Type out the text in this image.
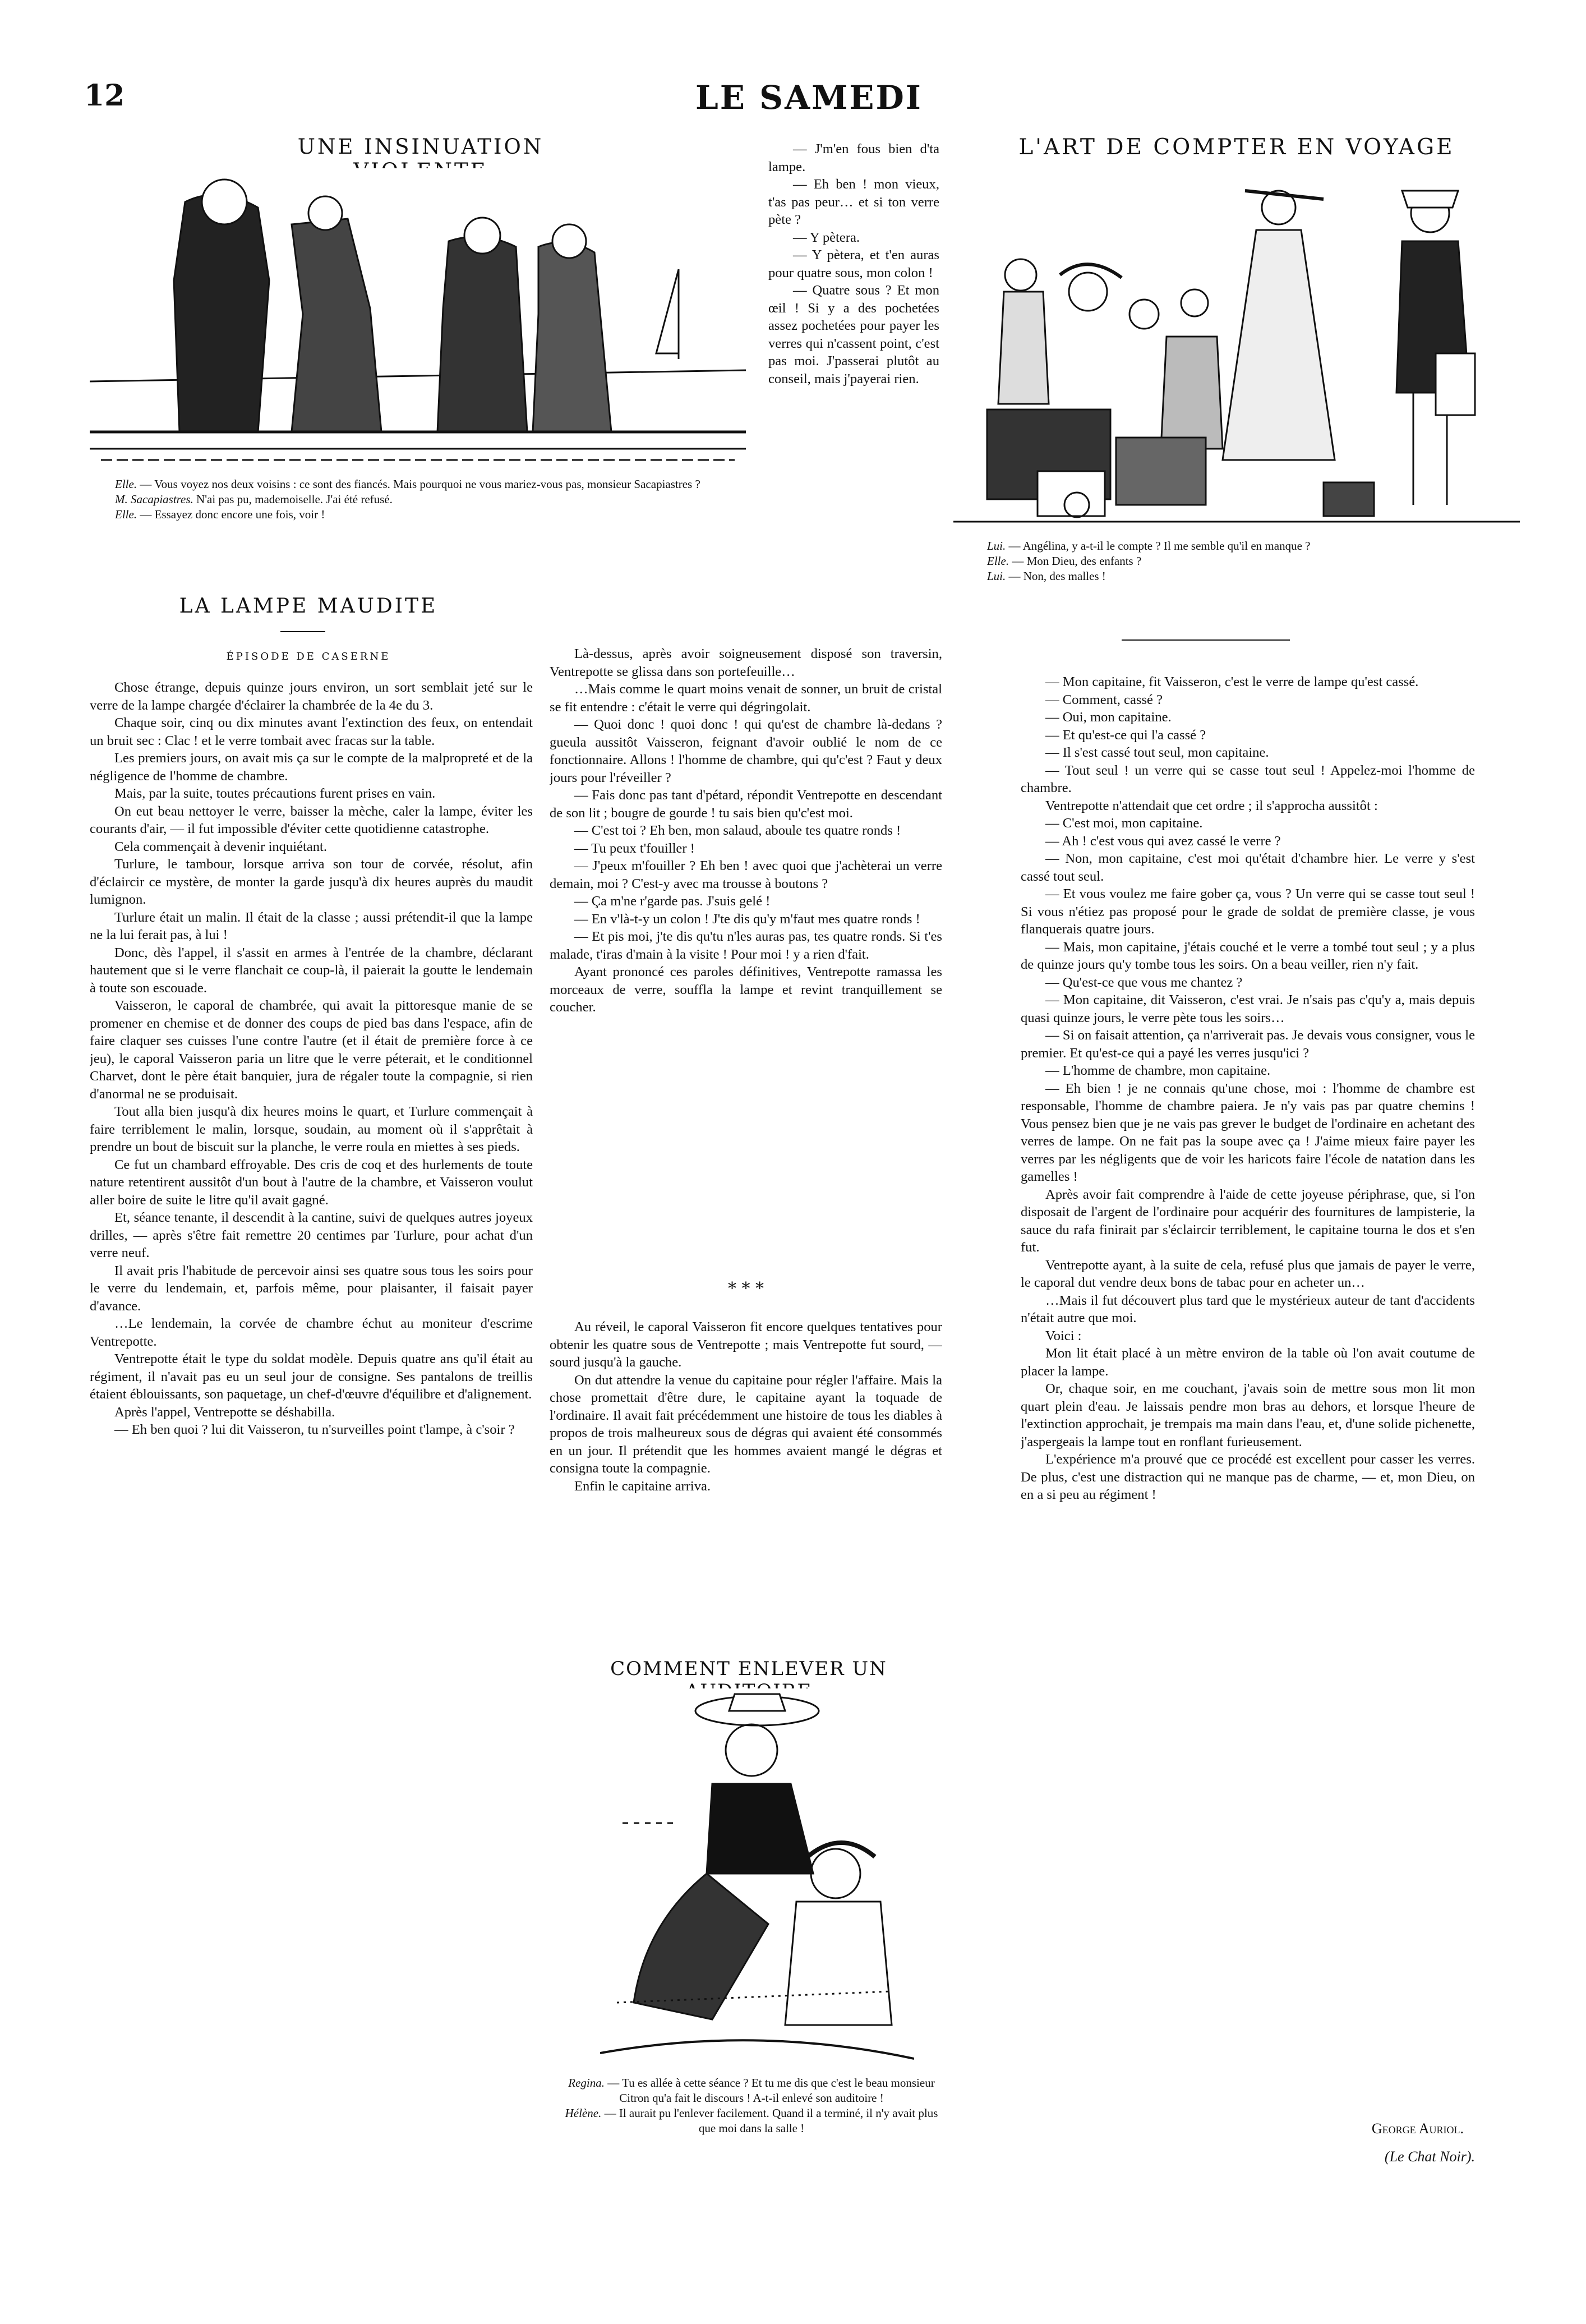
12	LE SAMEDI
UNE INSINUATION

Elle. — Vous voyez nos deux voisins : ce sont des fiancés. Mais pourquoi ne vous mariez-vous pas, monsieur Sacapiastres ?

M. Sacapiastres. N'ai pas pu, mademoiselle. J'ai été refusé.

Elle. — Essayez donc encore une fois, voir !

L'ART DE COMPTER EN VOYAGE

Lui. — Angélina, y a-t-il le compte ? Il me semble qu'il en manque ?

Elle. — Mon Dieu, des enfants ?

Lui. — Non, des malles !

LA LAMPE MAUDITE
ÉPISODE DE CASERNE

Chose étrange, depuis quinze jours environ, un sort semblait jeté sur le verre de la lampe chargée d'éclairer la chambrée de la 4e du 3.

Chaque soir, cinq ou dix minutes avant l'extinction des feux, on entendait un bruit sec : Clac ! et le verre tombait avec fracas sur la table.

Les premiers jours, on avait mis ça sur le compte de la malpropreté et de la négligence de l'homme de chambre.

Mais, par la suite, toutes précautions furent prises en vain.

On eut beau nettoyer le verre, baisser la mèche, caler la lampe, éviter les courants d'air, — il fut impossible d'éviter cette quotidienne catastrophe.

Cela commençait à devenir inquiétant.

Turlure, le tambour, lorsque arriva son tour de corvée, résolut, afin d'éclaircir ce mystère, de monter la garde jusqu'à dix heures auprès du maudit lumignon.

Turlure était un malin. Il était de la classe ; aussi prétendit-il que la lampe ne la lui ferait pas, à lui !

Donc, dès l'appel, il s'assit en armes à l'entrée de la chambre, déclarant hautement que si le verre flanchait ce coup-là, il paierait la goutte le lendemain à toute son escouade.

Vaisseron, le caporal de chambrée, qui avait la pittoresque manie de se promener en chemise et de donner des coups de pied bas dans l'espace, afin de faire claquer ses cuisses l'une contre l'autre (et il était de première force à ce jeu), le caporal Vaisseron paria un litre que le verre péterait, et le conditionnel Charvet, dont le père était banquier, jura de régaler toute la compagnie, si rien d'anormal ne se produisait.

Tout alla bien jusqu'à dix heures moins le quart, et Turlure commençait à faire terriblement le malin, lorsque, soudain, au moment où il s'apprêtait à prendre un bout de biscuit sur la planche, le verre roula en miettes à ses pieds.

Ce fut un chambard effroyable. Des cris de coq et des hurlements de toute nature retentirent aussitôt d'un bout à l'autre de la chambre, et Vaisseron voulut aller boire de suite le litre qu'il avait gagné.

Et, séance tenante, il descendit à la cantine, suivi de quelques autres joyeux drilles, — après s'être fait remettre 20 centimes par Turlure, pour achat d'un verre neuf.

Il avait pris l'habitude de percevoir ainsi ses quatre sous tous les soirs pour le verre du lendemain, et, parfois même, pour plaisanter, il faisait payer d'avance.

…Le lendemain, la corvée de chambre échut au moniteur d'escrime Ventrepotte.

Ventrepotte était le type du soldat modèle. Depuis quatre ans qu'il était au régiment, il n'avait pas eu un seul jour de consigne. Ses pantalons de treillis étaient éblouissants, son paquetage, un chef-d'œuvre d'équilibre et d'alignement.

Après l'appel, Ventrepotte se déshabilla.

— Eh ben quoi ? lui dit Vaisseron, tu n'surveilles point t'lampe, à c'soir ?

— J'm'en fous bien d'ta lampe.

— Eh ben ! mon vieux, t'as pas peur… et si ton verre pète ?

— Y pètera.

— Y pètera, et t'en auras pour quatre sous, mon colon !

— Quatre sous ? Et mon œil ! Si y a des pochetées assez pochetées pour payer les verres qui n'cassent point, c'est pas moi. J'passerai plutôt au conseil, mais j'payerai rien.

Là-dessus, après avoir soigneusement disposé son traversin, Ventrepotte se glissa dans son portefeuille…

…Mais comme le quart moins venait de sonner, un bruit de cristal se fit entendre : c'était le verre qui dégringolait.

— Quoi donc ! quoi donc ! qui qu'est de chambre là-dedans ? gueula aussitôt Vaisseron, feignant d'avoir oublié le nom de ce fonctionnaire. Allons ! l'homme de chambre, qui qu'c'est ? Faut y deux jours pour l'réveiller ?

— Fais donc pas tant d'pétard, répondit Ventrepotte en descendant de son lit ; bougre de gourde ! tu sais bien qu'c'est moi.

— C'est toi ? Eh ben, mon salaud, aboule tes quatre ronds !

— Tu peux t'fouiller !

— J'peux m'fouiller ? Eh ben ! avec quoi que j'achèterai un verre demain, moi ? C'est-y avec ma trousse à boutons ?

— Ça m'ne r'garde pas. J'suis gelé !

— En v'là-t-y un colon ! J'te dis qu'y m'faut mes quatre ronds !

— Et pis moi, j'te dis qu'tu n'les auras pas, tes quatre ronds. Si t'es malade, t'iras d'main à la visite ! Pour moi ! y a rien d'fait.

Ayant prononcé ces paroles définitives, Ventrepotte ramassa les morceaux de verre, souffla la lampe et revint tranquillement se coucher.

* * *

Au réveil, le caporal Vaisseron fit encore quelques tentatives pour obtenir les quatre sous de Ventrepotte ; mais Ventrepotte fut sourd, — sourd jusqu'à la gauche.

On dut attendre la venue du capitaine pour régler l'affaire. Mais la chose promettait d'être dure, le capitaine ayant la toquade de l'ordinaire. Il avait fait précédemment une histoire de tous les diables à propos de trois malheureux sous de dégras qui avaient été consommés en un jour. Il prétendit que les hommes avaient mangé le dégras et consigna toute la compagnie.

Enfin le capitaine arriva.

COMMENT ENLEVER UN

Regina. — Tu es allée à cette séance ? Et tu me dis que c'est le beau monsieur Citron qu'a fait le discours ! A-t-il enlevé son auditoire !

Hélène. — Il aurait pu l'enlever facilement. Quand il a terminé, il n'y avait plus que moi dans la salle !

— Mon capitaine, fit Vaisseron, c'est le verre de lampe qu'est cassé.

— Comment, cassé ?

— Oui, mon capitaine.

— Et qu'est-ce qui l'a cassé ?

— Il s'est cassé tout seul, mon capitaine.

— Tout seul ! un verre qui se casse tout seul ! Appelez-moi l'homme de chambre.

Ventrepotte n'attendait que cet ordre ; il s'approcha aussitôt :

— C'est moi, mon capitaine.

— Ah ! c'est vous qui avez cassé le verre ?

— Non, mon capitaine, c'est moi qu'était d'chambre hier. Le verre y s'est cassé tout seul.

— Et vous voulez me faire gober ça, vous ? Un verre qui se casse tout seul ! Si vous n'étiez pas proposé pour le grade de soldat de première classe, je vous flanquerais quatre jours.

— Mais, mon capitaine, j'étais couché et le verre a tombé tout seul ; y a plus de quinze jours qu'y tombe tous les soirs. On a beau veiller, rien n'y fait.

— Qu'est-ce que vous me chantez ?

— Mon capitaine, dit Vaisseron, c'est vrai. Je n'sais pas c'qu'y a, mais depuis quasi quinze jours, le verre pète tous les soirs…

— Si on faisait attention, ça n'arriverait pas. Je devais vous consigner, vous le premier. Et qu'est-ce qui a payé les verres jusqu'ici ?

— L'homme de chambre, mon capitaine.

— Eh bien ! je ne connais qu'une chose, moi : l'homme de chambre est responsable, l'homme de chambre paiera. Je n'y vais pas par quatre chemins ! Vous pensez bien que je ne vais pas grever le budget de l'ordinaire en achetant des verres de lampe. On ne fait pas la soupe avec ça ! J'aime mieux faire payer les verres par les négligents que de voir les haricots faire l'école de natation dans les gamelles !

Après avoir fait comprendre à l'aide de cette joyeuse périphrase, que, si l'on disposait de l'argent de l'ordinaire pour acquérir des fournitures de lampisterie, la sauce du rafa finirait par s'éclaircir terriblement, le capitaine tourna le dos et s'en fut.

Ventrepotte ayant, à la suite de cela, refusé plus que jamais de payer le verre, le caporal dut vendre deux bons de tabac pour en acheter un…

…Mais il fut découvert plus tard que le mystérieux auteur de tant d'accidents n'était autre que moi.

Voici :

Mon lit était placé à un mètre environ de la table où l'on avait coutume de placer la lampe.

Or, chaque soir, en me couchant, j'avais soin de mettre sous mon lit mon quart plein d'eau. Je laissais pendre mon bras au dehors, et lorsque l'heure de l'extinction approchait, je trempais ma main dans l'eau, et, d'une solide pichenette, j'aspergeais la lampe tout en ronflant furieusement.

L'expérience m'a prouvé que ce procédé est excellent pour casser les verres. De plus, c'est une distraction qui ne manque pas de charme, — et, mon Dieu, on en a si peu au régiment !

George Auriol.
(Le Chat Noir).
